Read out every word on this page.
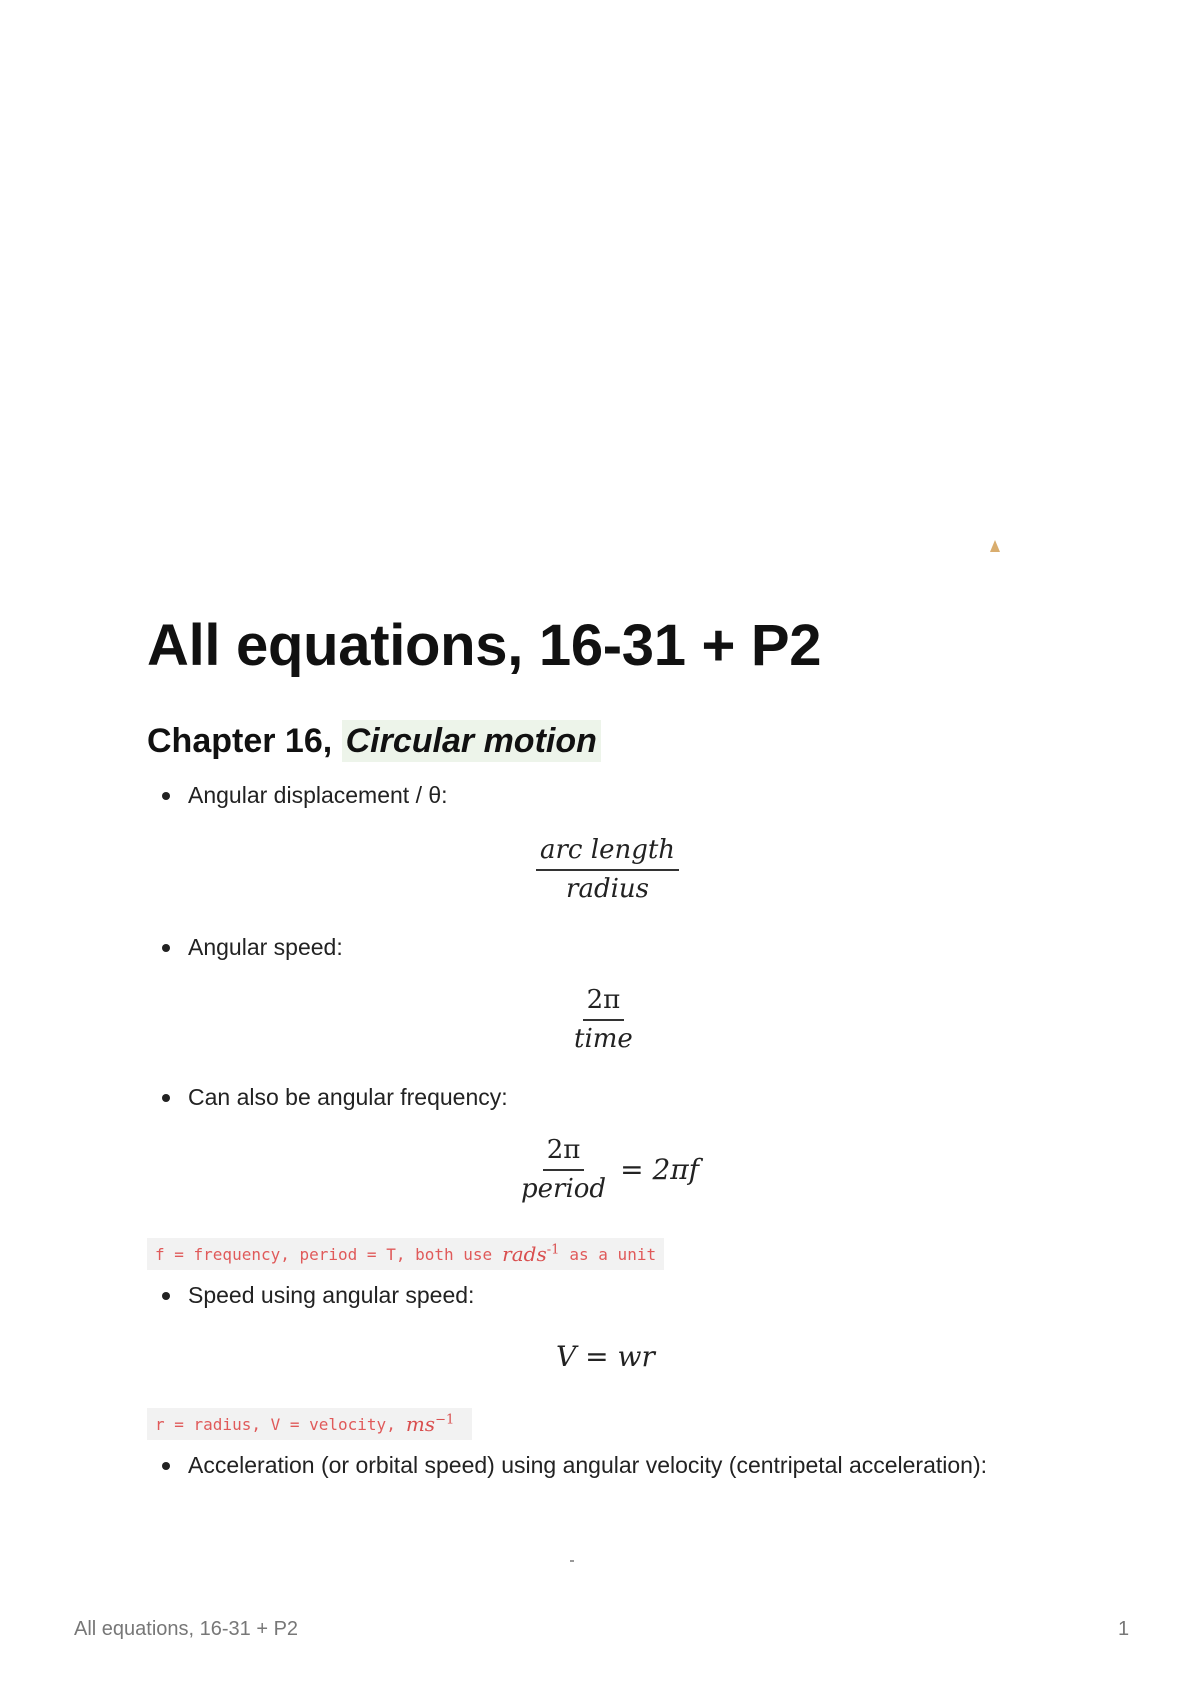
All equations, 16-31 + P2
Chapter 16, Circular motion
Angular displacement / θ:
$\frac{\text{arc length}}{\text{radius}}$
Angular speed:
$\frac{2\pi}{\text{time}}$
Can also be angular frequency:
$\frac{2\pi}{\text{period}} = 2\pi f$
f = frequency, period = T, both use rads$^{-1}$ as a unit
Speed using angular speed:
V = wr
r = radius, V = velocity, $ms^{-1}$
Acceleration (or orbital speed) using angular velocity (centripetal acceleration):
All equations, 16-31 + P2	1
